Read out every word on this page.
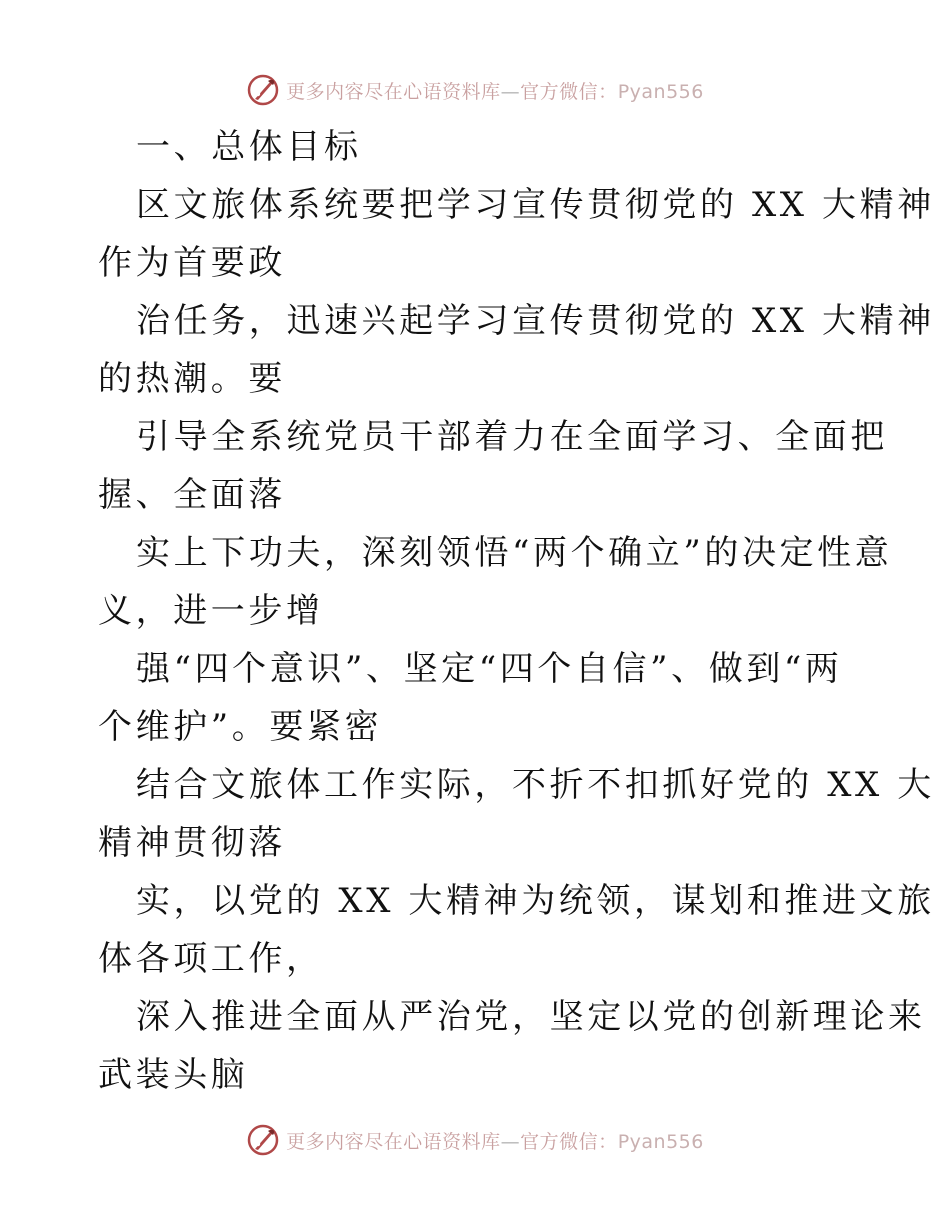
更多内容尽在心语资料库—官方微信：Pyan556
一、总体目标
区文旅体系统要把学习宣传贯彻党的 XX 大精神
作为首要政
治任务，迅速兴起学习宣传贯彻党的 XX 大精神
的热潮。要
引导全系统党员干部着力在全面学习、全面把
握、全面落
实上下功夫，深刻领悟“两个确立”的决定性意
义，进一步增
强“四个意识”、坚定“四个自信”、做到“两
个维护”。要紧密
结合文旅体工作实际，不折不扣抓好党的 XX 大
精神贯彻落
实，以党的 XX 大精神为统领，谋划和推进文旅
体各项工作，
深入推进全面从严治党，坚定以党的创新理论来
武装头脑
更多内容尽在心语资料库—官方微信：Pyan556
